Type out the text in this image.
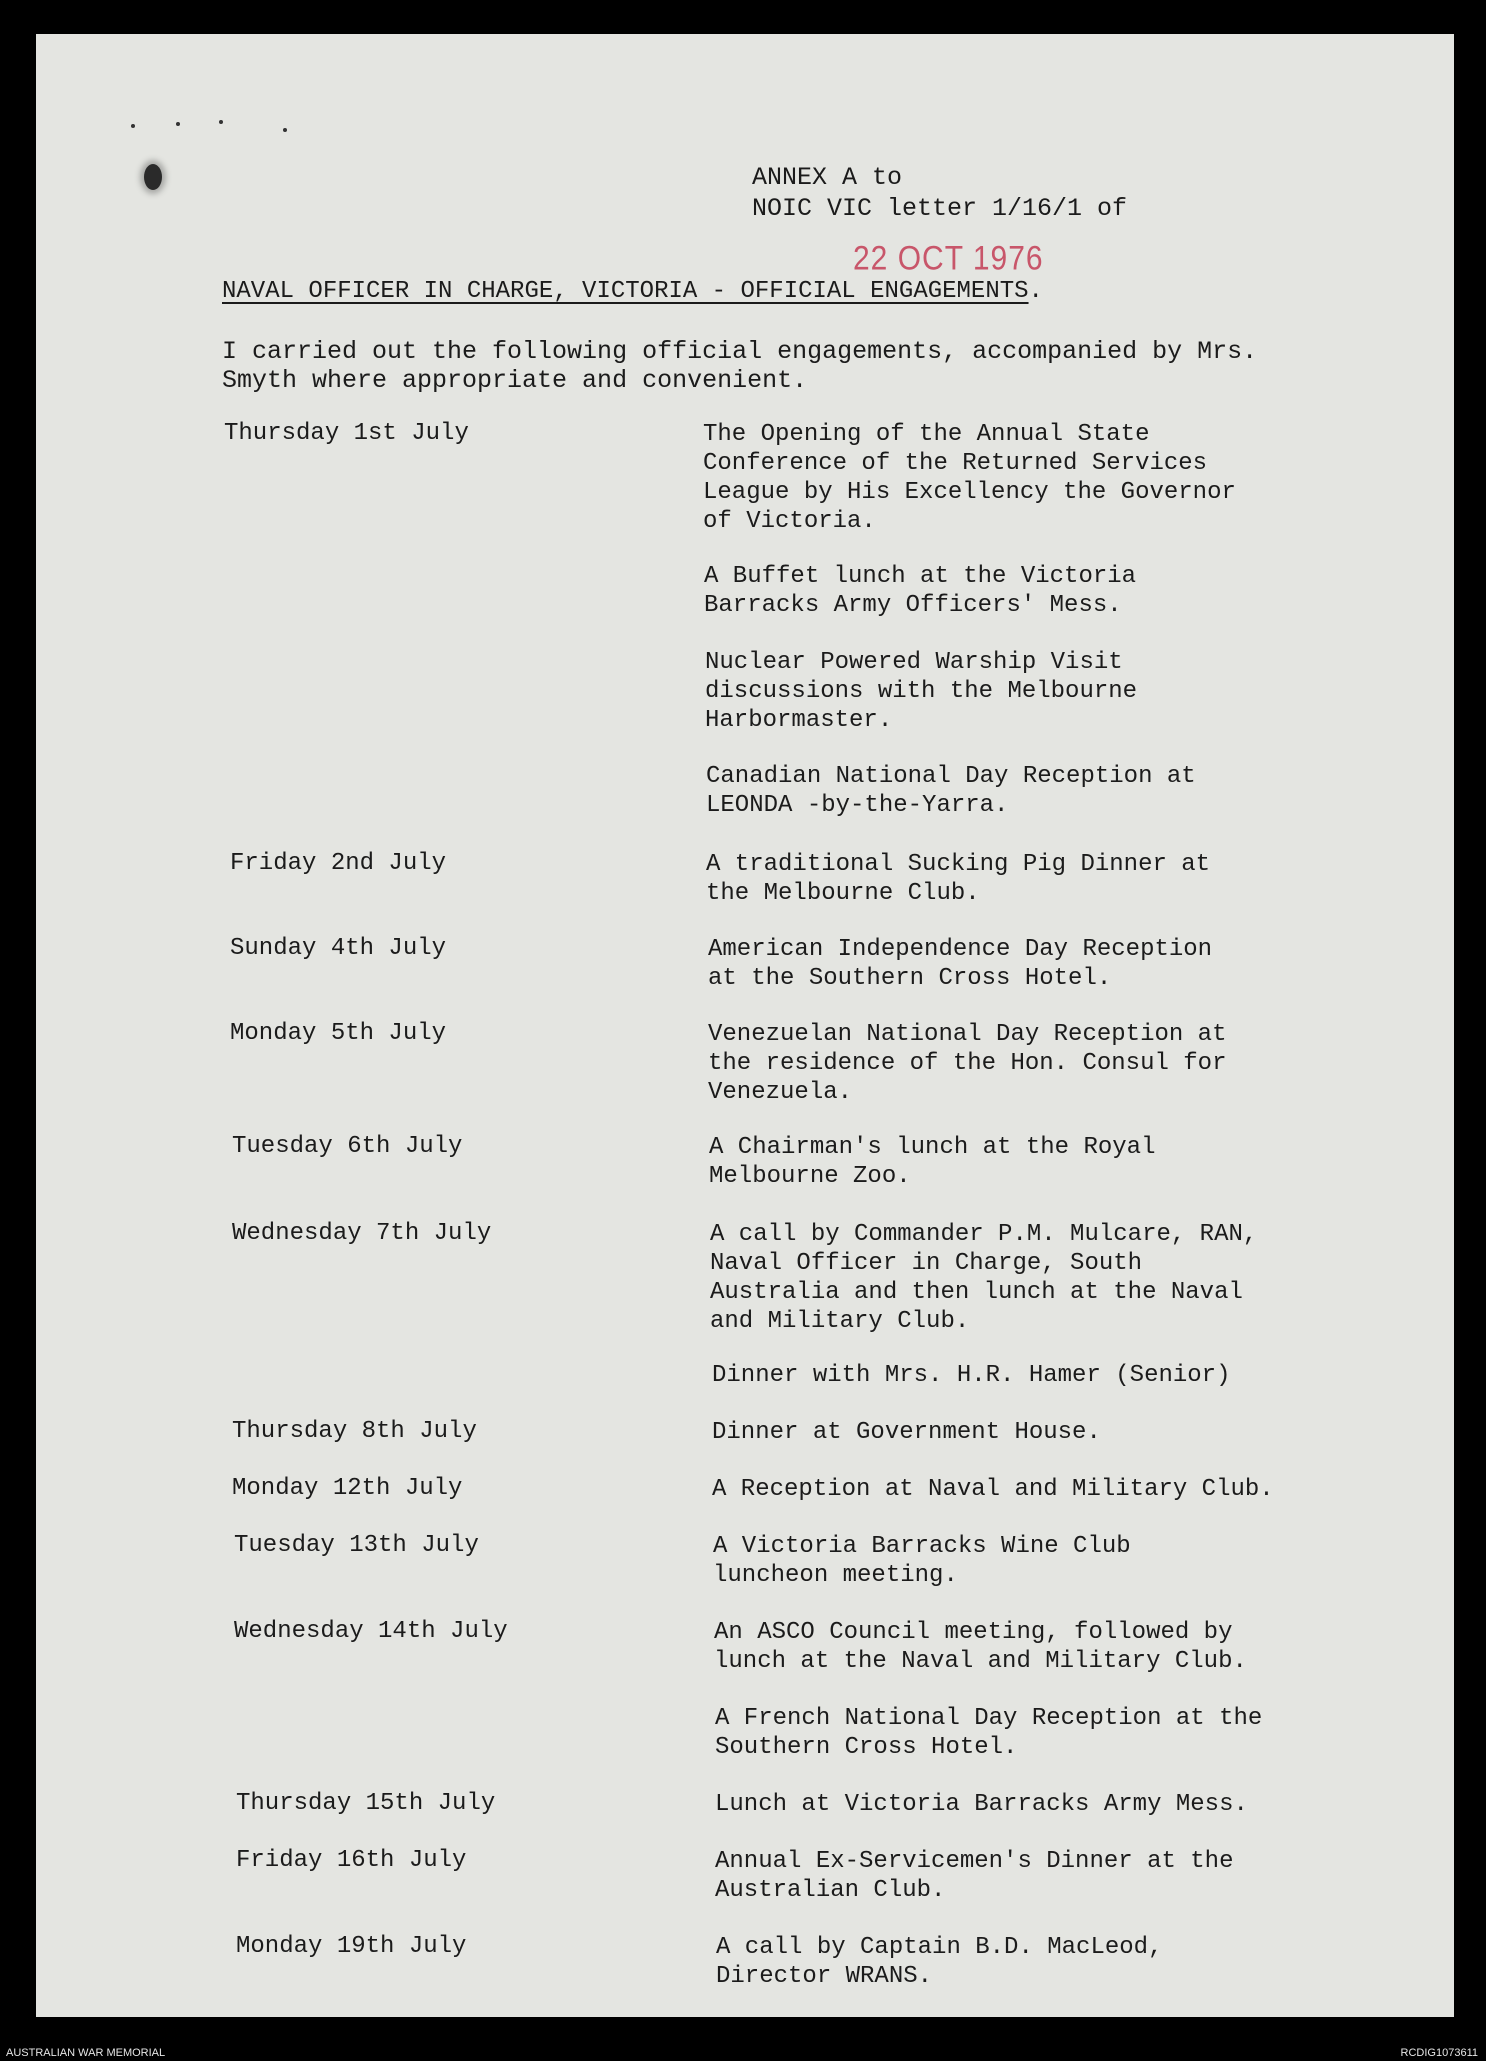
ANNEX A to
NOIC VIC letter 1/16/1 of
22 OCT 1976
NAVAL OFFICER IN CHARGE, VICTORIA - OFFICIAL ENGAGEMENTS.
I carried out the following official engagements, accompanied by Mrs. Smyth where appropriate and convenient.
Thursday 1st July	The Opening of the Annual State
Conference of the Returned Services
League by His Excellency the Governor
of Victoria.
A Buffet lunch at the Victoria
Barracks Army Officers' Mess.
Nuclear Powered Warship Visit
discussions with the Melbourne
Harbormaster.
Canadian National Day Reception at
LEONDA -by-the-Yarra.
Friday 2nd July	A traditional Sucking Pig Dinner at
the Melbourne Club.
Sunday 4th July	American Independence Day Reception
at the Southern Cross Hotel.
Monday 5th July	Venezuelan National Day Reception at
the residence of the Hon. Consul for
Venezuela.
Tuesday 6th July	A Chairman's lunch at the Royal
Melbourne Zoo.
Wednesday 7th July	A call by Commander P.M. Mulcare, RAN,
Naval Officer in Charge, South
Australia and then lunch at the Naval
and Military Club.
Dinner with Mrs. H.R. Hamer (Senior)
Thursday 8th July	Dinner at Government House.
Monday 12th July	A Reception at Naval and Military Club.
Tuesday 13th July	A Victoria Barracks Wine Club
luncheon meeting.
Wednesday 14th July	An ASCO Council meeting, followed by
lunch at the Naval and Military Club.
A French National Day Reception at the
Southern Cross Hotel.
Thursday 15th July	Lunch at Victoria Barracks Army Mess.
Friday 16th July	Annual Ex-Servicemen's Dinner at the
Australian Club.
Monday 19th July	A call by Captain B.D. MacLeod,
Director WRANS.
AUSTRALIAN WAR MEMORIAL	RCDIG1073611
